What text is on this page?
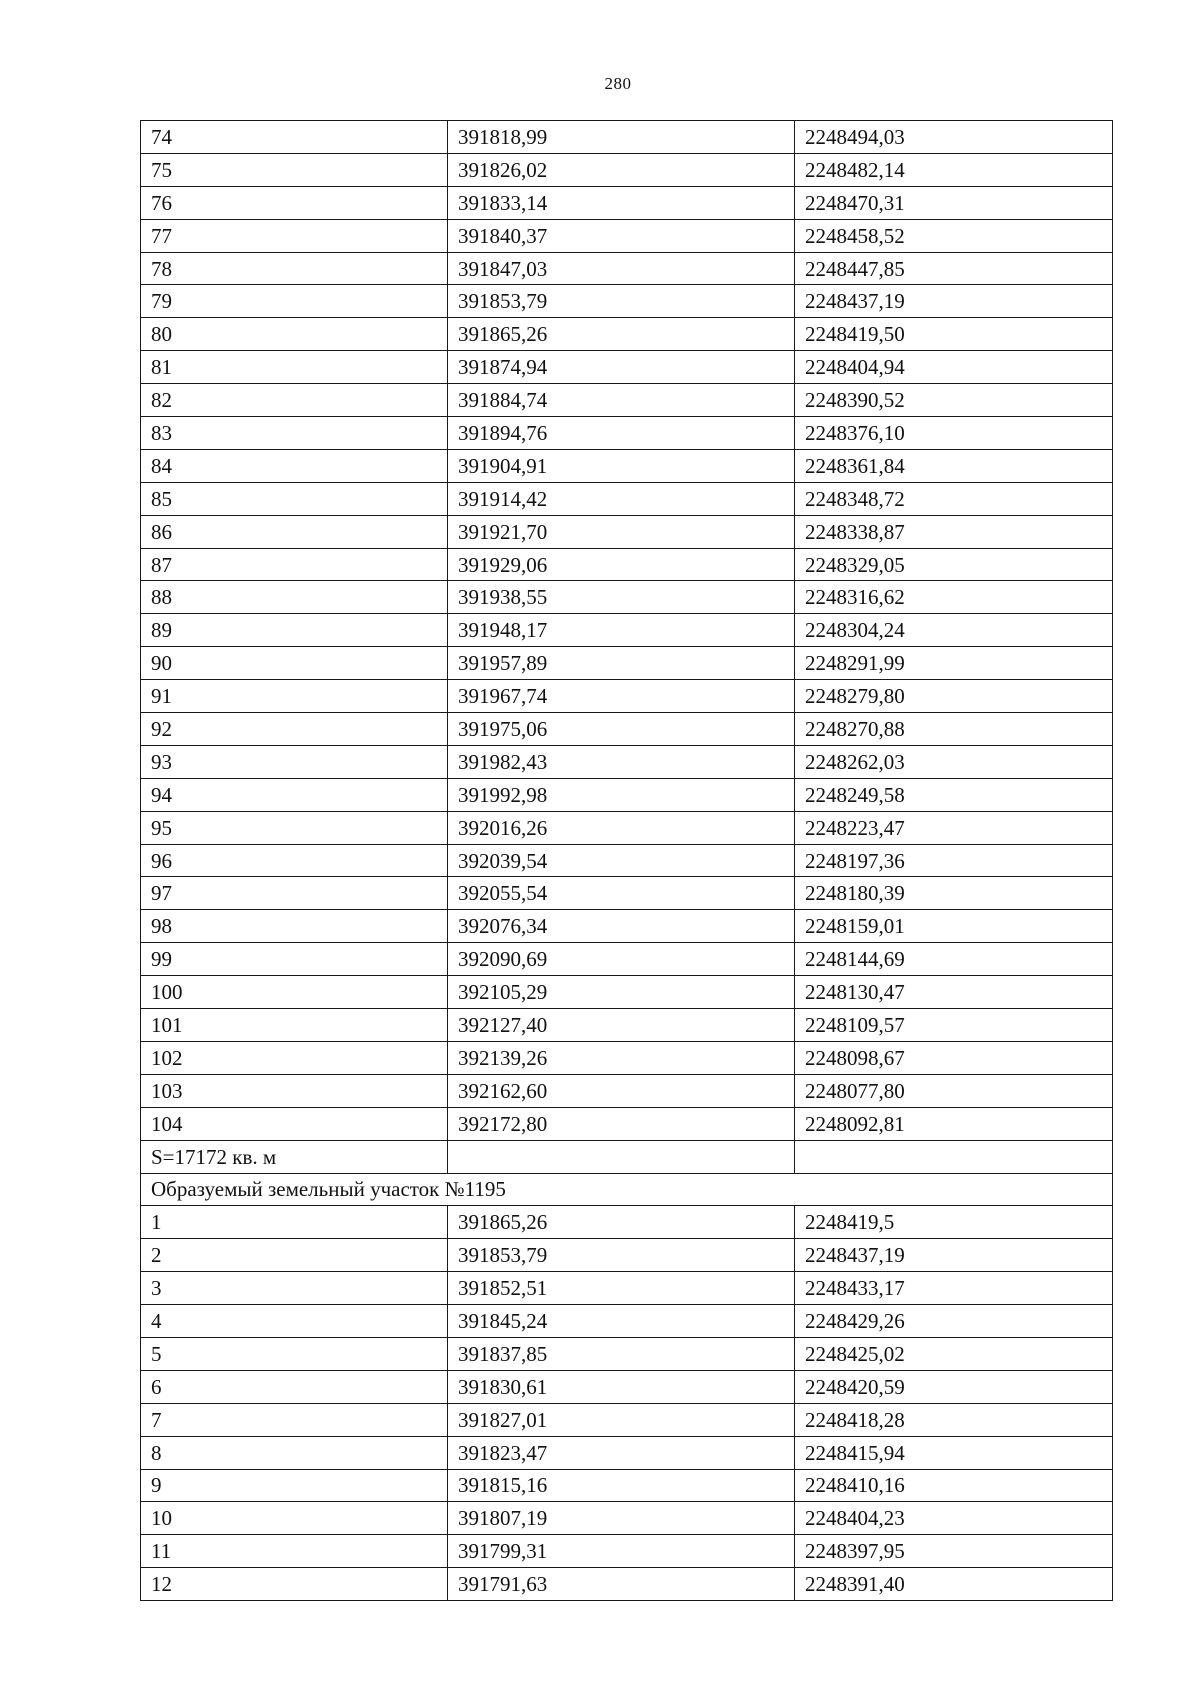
280
74	391818,99	2248494,03
75	391826,02	2248482,14
76	391833,14	2248470,31
77	391840,37	2248458,52
78	391847,03	2248447,85
79	391853,79	2248437,19
80	391865,26	2248419,50
81	391874,94	2248404,94
82	391884,74	2248390,52
83	391894,76	2248376,10
84	391904,91	2248361,84
85	391914,42	2248348,72
86	391921,70	2248338,87
87	391929,06	2248329,05
88	391938,55	2248316,62
89	391948,17	2248304,24
90	391957,89	2248291,99
91	391967,74	2248279,80
92	391975,06	2248270,88
93	391982,43	2248262,03
94	391992,98	2248249,58
95	392016,26	2248223,47
96	392039,54	2248197,36
97	392055,54	2248180,39
98	392076,34	2248159,01
99	392090,69	2248144,69
100	392105,29	2248130,47
101	392127,40	2248109,57
102	392139,26	2248098,67
103	392162,60	2248077,80
104	392172,80	2248092,81
S=17172 кв. м		
Образуемый земельный участок №1195		
1	391865,26	2248419,5
2	391853,79	2248437,19
3	391852,51	2248433,17
4	391845,24	2248429,26
5	391837,85	2248425,02
6	391830,61	2248420,59
7	391827,01	2248418,28
8	391823,47	2248415,94
9	391815,16	2248410,16
10	391807,19	2248404,23
11	391799,31	2248397,95
12	391791,63	2248391,40
